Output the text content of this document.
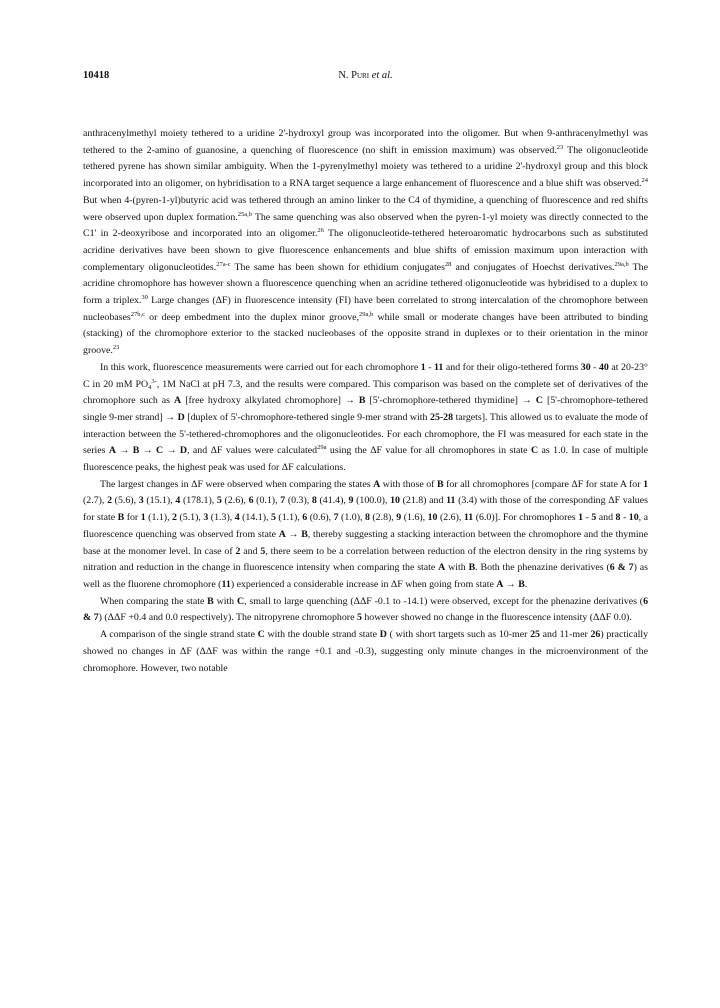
10418	N. Puri et al.

anthracenylmethyl moiety tethered to a uridine 2'-hydroxyl group was incorporated into the oligomer. But when 9-anthracenylmethyl was tethered to the 2-amino of guanosine, a quenching of fluorescence (no shift in emission maximum) was observed.$^{23}$ The oligonucleotide tethered pyrene has shown similar ambiguity. When the 1-pyrenylmethyl moiety was tethered to a uridine 2'-hydroxyl group and this block incorporated into an oligomer, on hybridisation to a RNA target sequence a large enhancement of fluorescence and a blue shift was observed.$^{24}$ But when 4-(pyren-1-yl)butyric acid was tethered through an amino linker to the C4 of thymidine, a quenching of fluorescence and red shifts were observed upon duplex formation.$^{25a,b}$ The same quenching was also observed when the pyren-1-yl moiety was directly connected to the C1' in 2-deoxyribose and incorporated into an oligomer.$^{26}$ The oligonucleotide-tethered heteroaromatic hydrocarbons such as substituted acridine derivatives have been shown to give fluorescence enhancements and blue shifts of emission maximum upon interaction with complementary oligonucleotides.$^{27a-c}$ The same has been shown for ethidium conjugates$^{28}$ and conjugates of Hoechst derivatives.$^{29a,b}$ The acridine chromophore has however shown a fluorescence quenching when an acridine tethered oligonucleotide was hybridised to a duplex to form a triplex.$^{30}$ Large changes (ΔF) in fluorescence intensity (FI) have been correlated to strong intercalation of the chromophore between nucleobases$^{27b,c}$ or deep embedment into the duplex minor groove,$^{29a,b}$ while small or moderate changes have been attributed to binding (stacking) of the chromophore exterior to the stacked nucleobases of the opposite strand in duplexes or to their orientation in the minor groove.$^{23}$

In this work, fluorescence measurements were carried out for each chromophore 1 - 11 and for their oligo-tethered forms 30 - 40 at 20-23° C in 20 mM $PO_4^{3-}$, 1M NaCl at pH 7.3, and the results were compared. This comparison was based on the complete set of derivatives of the chromophore such as A [free hydroxy alkylated chromophore] → B [5'-chromophore-tethered thymidine] → C [5'-chromophore-tethered single 9-mer strand] → D [duplex of 5'-chromophore-tethered single 9-mer strand with 25-28 targets]. This allowed us to evaluate the mode of interaction between the 5'-tethered-chromophores and the oligonucleotides. For each chromophore, the FI was measured for each state in the series A → B → C → D, and ΔF values were calculated$^{29a}$ using the ΔF value for all chromophores in state C as 1.0. In case of multiple fluorescence peaks, the highest peak was used for ΔF calculations.

The largest changes in ΔF were observed when comparing the states A with those of B for all chromophores [compare ΔF for state A for 1 (2.7), 2 (5.6), 3 (15.1), 4 (178.1), 5 (2.6), 6 (0.1), 7 (0.3), 8 (41.4), 9 (100.0), 10 (21.8) and 11 (3.4) with those of the corresponding ΔF values for state B for 1 (1.1), 2 (5.1), 3 (1.3), 4 (14.1), 5 (1.1), 6 (0.6), 7 (1.0), 8 (2.8), 9 (1.6), 10 (2.6), 11 (6.0)]. For chromophores 1 - 5 and 8 - 10, a fluorescence quenching was observed from state A → B, thereby suggesting a stacking interaction between the chromophore and the thymine base at the monomer level. In case of 2 and 5, there seem to be a correlation between reduction of the electron density in the ring systems by nitration and reduction in the change in fluorescence intensity when comparing the state A with B. Both the phenazine derivatives (6 & 7) as well as the fluorene chromophore (11) experienced a considerable increase in ΔF when going from state A → B.

When comparing the state B with C, small to large quenching (ΔΔF -0.1 to -14.1) were observed, except for the phenazine derivatives (6 & 7) (ΔΔF +0.4 and 0.0 respectively). The nitropyrene chromophore 5 however showed no change in the fluorescence intensity (ΔΔF 0.0).

A comparison of the single strand state C with the double strand state D ( with short targets such as 10-mer 25 and 11-mer 26) practically showed no changes in ΔF (ΔΔF was within the range +0.1 and -0.3), suggesting only minute changes in the microenvironment of the chromophore. However, two notable
